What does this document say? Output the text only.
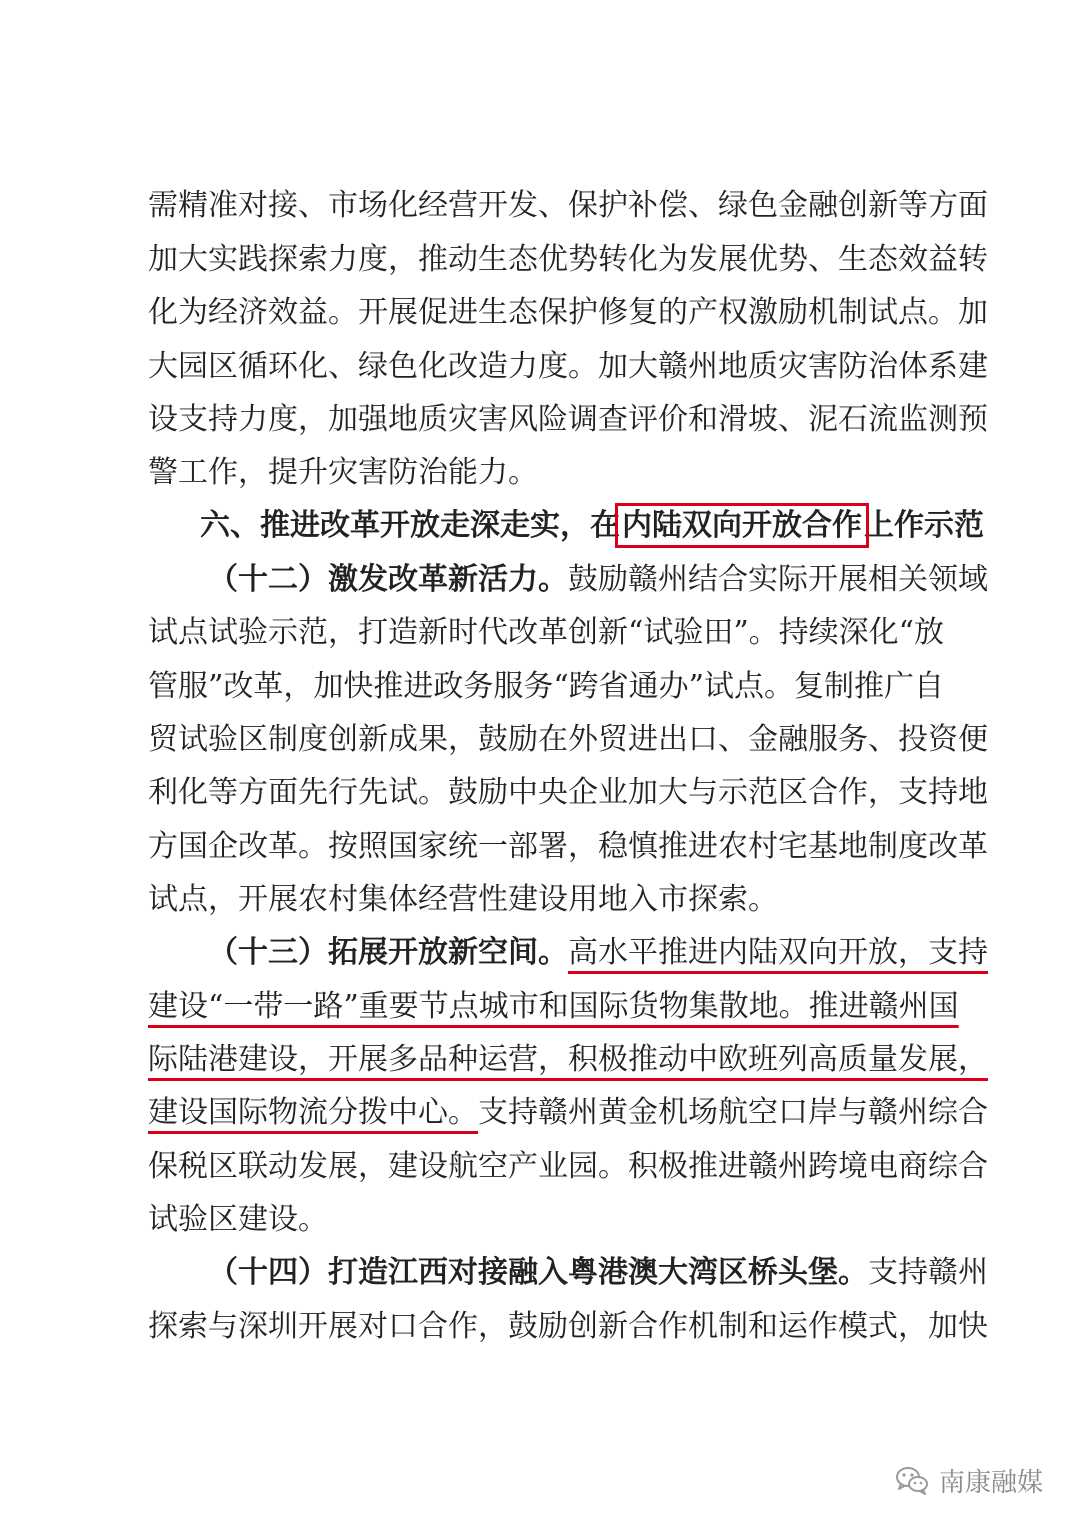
需精准对接、市场化经营开发、保护补偿、绿色金融创新等方面
加大实践探索力度，推动生态优势转化为发展优势、生态效益转
化为经济效益。开展促进生态保护修复的产权激励机制试点。加
大园区循环化、绿色化改造力度。加大赣州地质灾害防治体系建
设支持力度，加强地质灾害风险调查评价和滑坡、泥石流监测预
警工作，提升灾害防治能力。
六、推进改革开放走深走实，在内陆双向开放合作上作示范
（十二）激发改革新活力。鼓励赣州结合实际开展相关领域
试点试验示范，打造新时代改革创新“试验田”。持续深化“放
管服”改革，加快推进政务服务“跨省通办”试点。复制推广自
贸试验区制度创新成果，鼓励在外贸进出口、金融服务、投资便
利化等方面先行先试。鼓励中央企业加大与示范区合作，支持地
方国企改革。按照国家统一部署，稳慎推进农村宅基地制度改革
试点，开展农村集体经营性建设用地入市探索。
（十三）拓展开放新空间。高水平推进内陆双向开放，支持
建设“一带一路”重要节点城市和国际货物集散地。推进赣州国
际陆港建设，开展多品种运营，积极推动中欧班列高质量发展，
建设国际物流分拨中心。支持赣州黄金机场航空口岸与赣州综合
保税区联动发展，建设航空产业园。积极推进赣州跨境电商综合
试验区建设。
（十四）打造江西对接融入粤港澳大湾区桥头堡。支持赣州
探索与深圳开展对口合作，鼓励创新合作机制和运作模式，加快
南康融媒
